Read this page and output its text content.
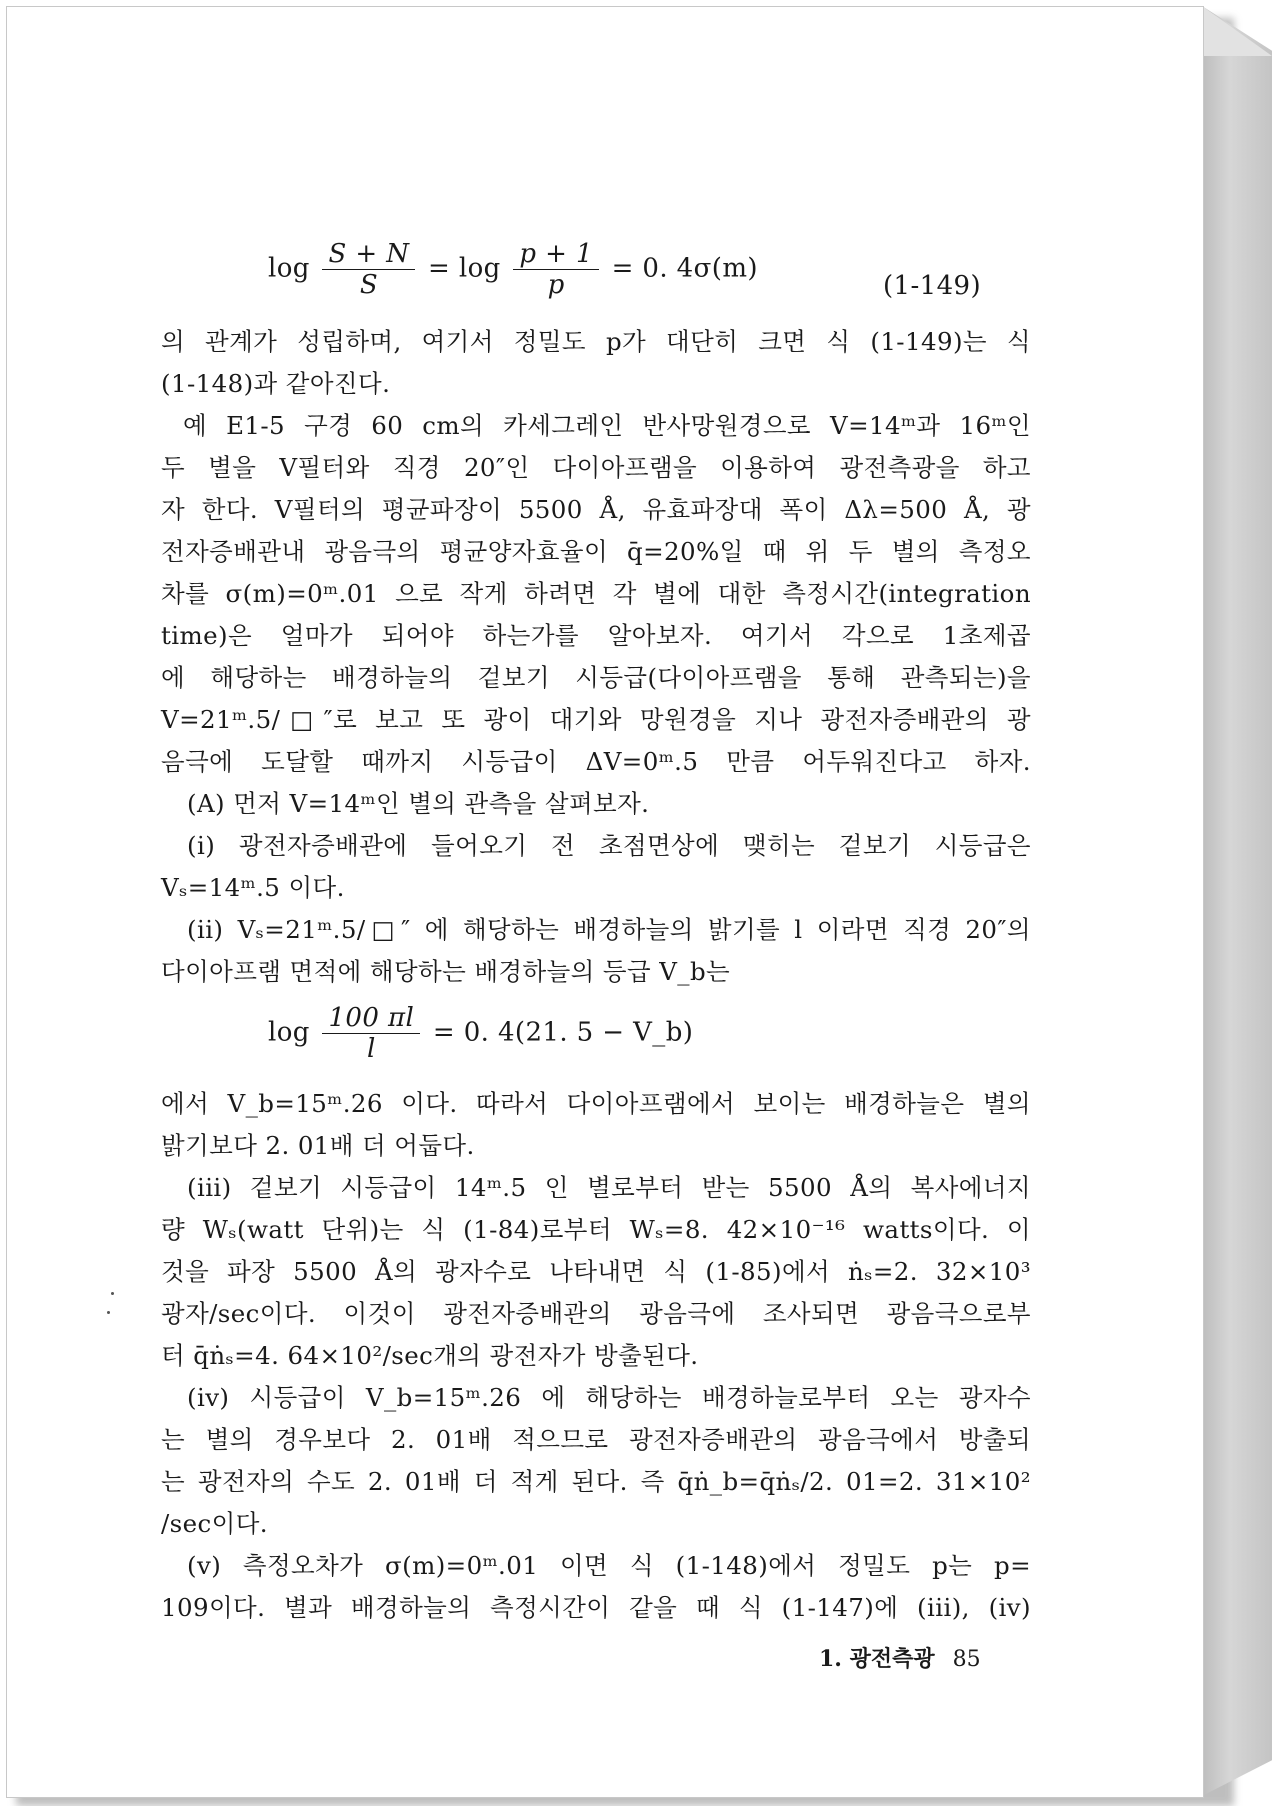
$\log \frac{S + N}{S} = \log \frac{p + 1}{p} = 0$. 4σ(m)
(1-149)
의 관계가 성립하며, 여기서 정밀도 p가 대단히 크면 식 (1-149)는 식
(1-148)과 같아진다.
예 E1-5 구경 60 cm의 카세그레인 반사망원경으로 V=14ᵐ과 16ᵐ인
두 별을 V필터와 직경 20″인 다이아프램을 이용하여 광전측광을 하고
자 한다. V필터의 평균파장이 5500 Å, 유효파장대 폭이 Δλ=500 Å, 광
전자증배관내 광음극의 평균양자효율이 q̄=20%일 때 위 두 별의 측정오
차를 σ(m)=0ᵐ.01 으로 작게 하려면 각 별에 대한 측정시간(integration
time)은 얼마가 되어야 하는가를 알아보자. 여기서 각으로 1초제곱
에 해당하는 배경하늘의 겉보기 시등급(다이아프램을 통해 관측되는)을
V=21ᵐ.5/□″로 보고 또 광이 대기와 망원경을 지나 광전자증배관의 광
음극에 도달할 때까지 시등급이 ΔV=0ᵐ.5 만큼 어두워진다고 하자.
(A) 먼저 V=14ᵐ인 별의 관측을 살펴보자.
(i) 광전자증배관에 들어오기 전 초점면상에 맺히는 겉보기 시등급은
Vₛ=14ᵐ.5 이다.
(ii) Vₛ=21ᵐ.5/□″ 에 해당하는 배경하늘의 밝기를 l 이라면 직경 20″의
다이아프램 면적에 해당하는 배경하늘의 등급 V_b는
$\log \frac{100 \pi l}{l} = 0$. 4(21. 5 − V_b)
에서 V_b=15ᵐ.26 이다. 따라서 다이아프램에서 보이는 배경하늘은 별의
밝기보다 2. 01배 더 어둡다.
(iii) 겉보기 시등급이 14ᵐ.5 인 별로부터 받는 5500 Å의 복사에너지
량 Wₛ(watt 단위)는 식 (1-84)로부터 Wₛ=8. 42×10⁻¹⁶ watts이다. 이
것을 파장 5500 Å의 광자수로 나타내면 식 (1-85)에서 ṅₛ=2. 32×10³
광자/sec이다. 이것이 광전자증배관의 광음극에 조사되면 광음극으로부
터 q̄ṅₛ=4. 64×10²/sec개의 광전자가 방출된다.
(iv) 시등급이 V_b=15ᵐ.26 에 해당하는 배경하늘로부터 오는 광자수
는 별의 경우보다 2. 01배 적으므로 광전자증배관의 광음극에서 방출되
는 광전자의 수도 2. 01배 더 적게 된다. 즉 q̄ṅ_b=q̄ṅₛ/2. 01=2. 31×10²
/sec이다.
(v) 측정오차가 σ(m)=0ᵐ.01 이면 식 (1-148)에서 정밀도 p는 p=
109이다. 별과 배경하늘의 측정시간이 같을 때 식 (1-147)에 (iii), (iv)
1. 광전측광 85
